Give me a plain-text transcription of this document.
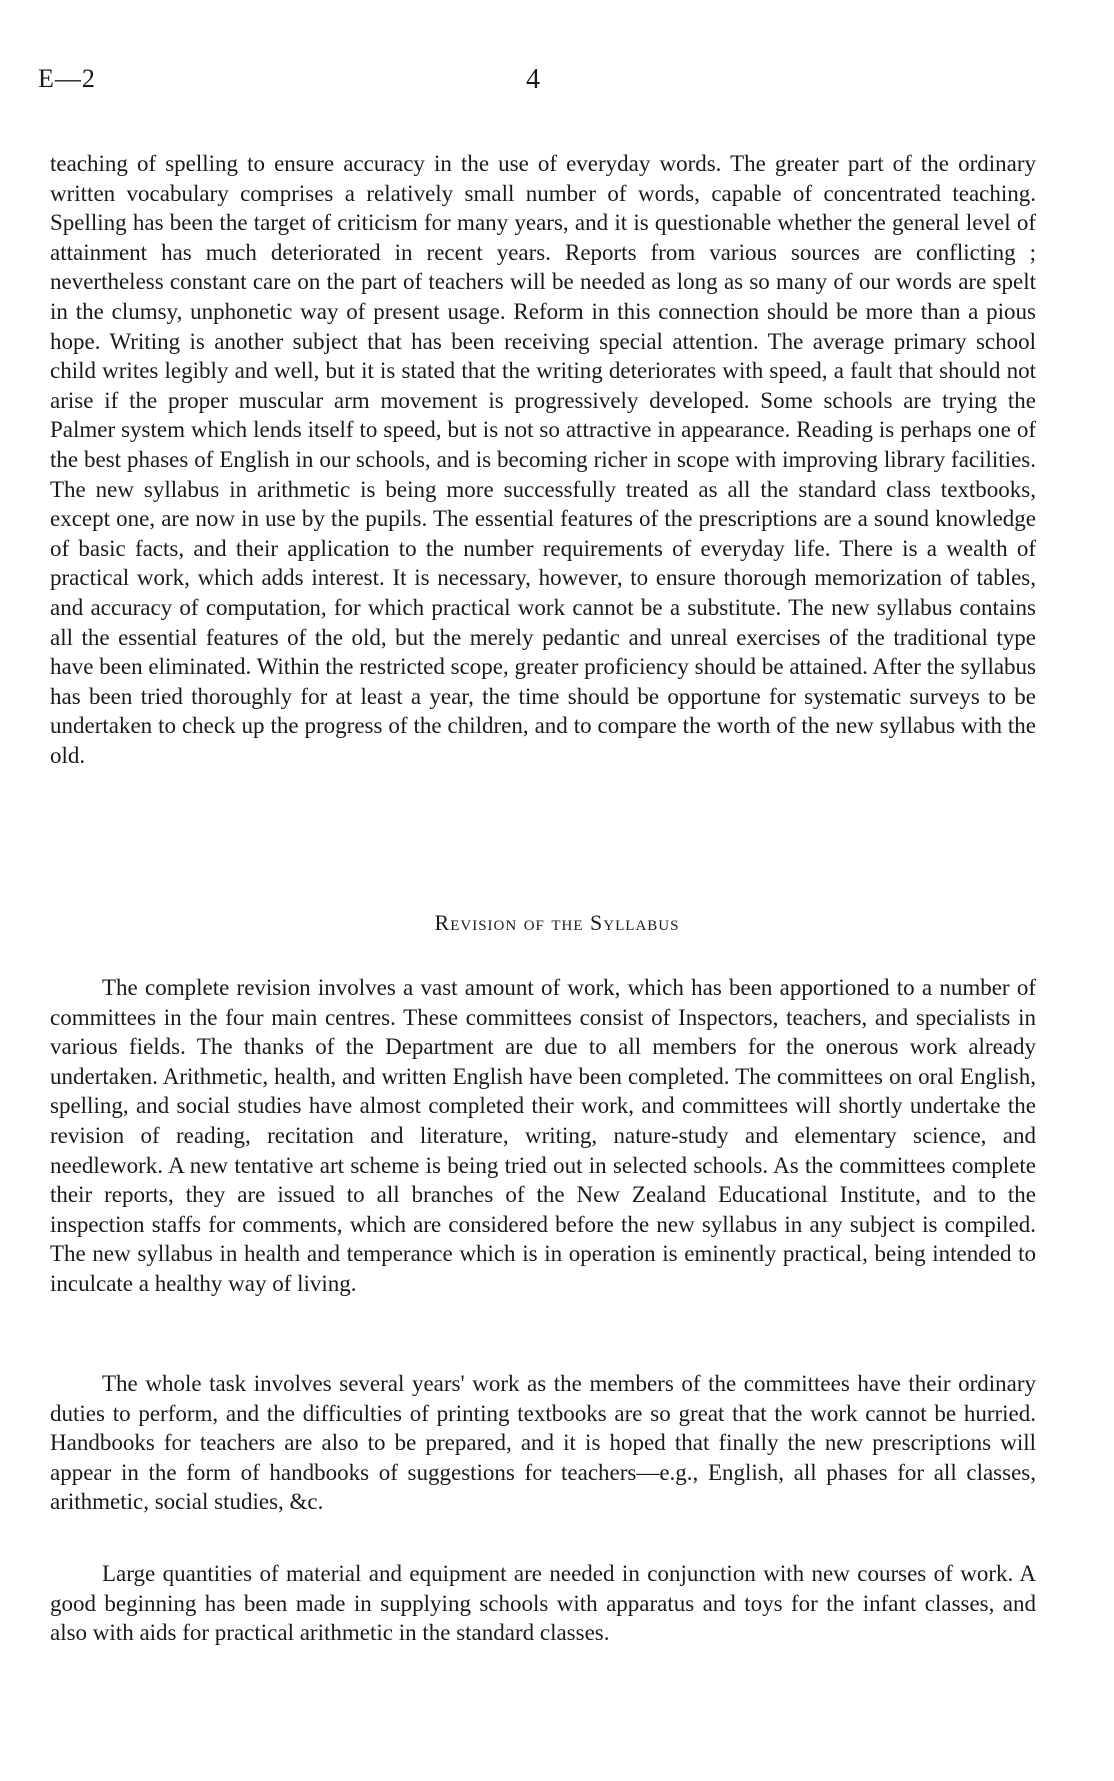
E—2	4

teaching of spelling to ensure accuracy in the use of everyday words. The greater part of the ordinary written vocabulary comprises a relatively small number of words, capable of concentrated teaching. Spelling has been the target of criticism for many years, and it is questionable whether the general level of attainment has much deteriorated in recent years. Reports from various sources are conflicting ; nevertheless constant care on the part of teachers will be needed as long as so many of our words are spelt in the clumsy, unphonetic way of present usage. Reform in this connection should be more than a pious hope. Writing is another subject that has been receiving special attention. The average primary school child writes legibly and well, but it is stated that the writing deteriorates with speed, a fault that should not arise if the proper muscular arm movement is progressively developed. Some schools are trying the Palmer system which lends itself to speed, but is not so attractive in appearance. Reading is perhaps one of the best phases of English in our schools, and is becoming richer in scope with improving library facilities. The new syllabus in arithmetic is being more successfully treated as all the standard class textbooks, except one, are now in use by the pupils. The essential features of the prescriptions are a sound knowledge of basic facts, and their application to the number requirements of everyday life. There is a wealth of practical work, which adds interest. It is necessary, however, to ensure thorough memorization of tables, and accuracy of computation, for which practical work cannot be a substitute. The new syllabus contains all the essential features of the old, but the merely pedantic and unreal exercises of the traditional type have been eliminated. Within the restricted scope, greater proficiency should be attained. After the syllabus has been tried thoroughly for at least a year, the time should be opportune for systematic surveys to be undertaken to check up the progress of the children, and to compare the worth of the new syllabus with the old.

Revision of the Syllabus

The complete revision involves a vast amount of work, which has been apportioned to a number of committees in the four main centres. These committees consist of Inspectors, teachers, and specialists in various fields. The thanks of the Department are due to all members for the onerous work already undertaken. Arithmetic, health, and written English have been completed. The committees on oral English, spelling, and social studies have almost completed their work, and committees will shortly undertake the revision of reading, recitation and literature, writing, nature-study and elementary science, and needlework. A new tentative art scheme is being tried out in selected schools. As the committees complete their reports, they are issued to all branches of the New Zealand Educational Institute, and to the inspection staffs for comments, which are considered before the new syllabus in any subject is compiled. The new syllabus in health and temperance which is in operation is eminently practical, being intended to inculcate a healthy way of living.

The whole task involves several years' work as the members of the committees have their ordinary duties to perform, and the difficulties of printing textbooks are so great that the work cannot be hurried. Handbooks for teachers are also to be prepared, and it is hoped that finally the new prescriptions will appear in the form of handbooks of suggestions for teachers—e.g., English, all phases for all classes, arithmetic, social studies, &c.

Large quantities of material and equipment are needed in conjunction with new courses of work. A good beginning has been made in supplying schools with apparatus and toys for the infant classes, and also with aids for practical arithmetic in the standard classes.
